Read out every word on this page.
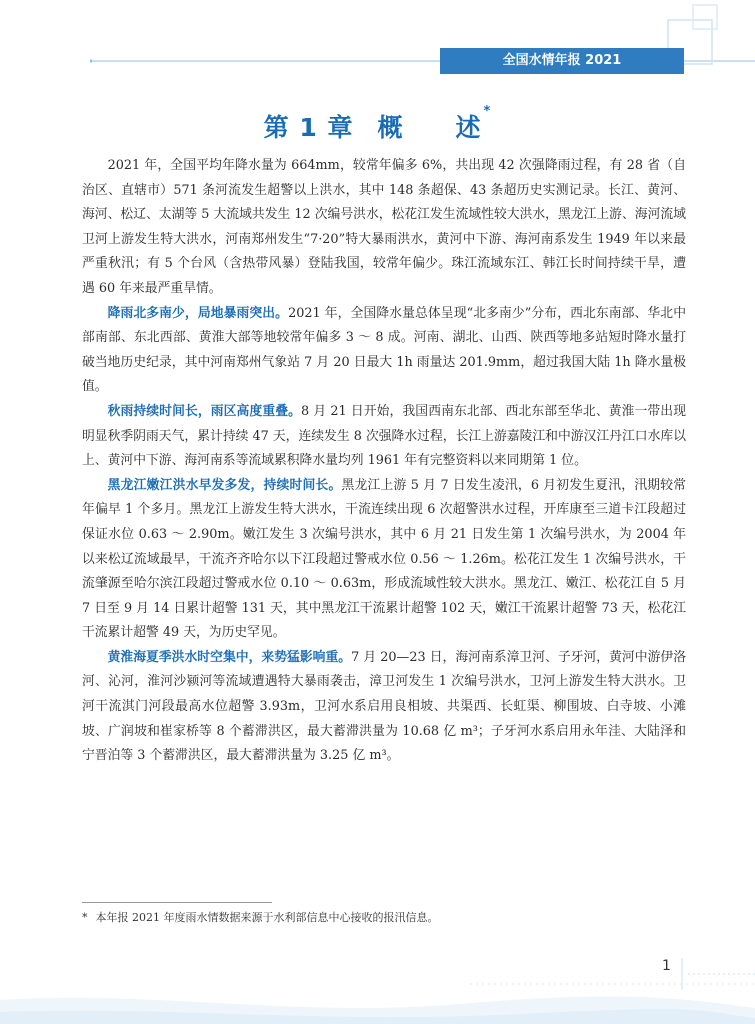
全国水情年报 2021
第 1 章 概　　述*

2021 年，全国平均年降水量为 664mm，较常年偏多 6%，共出现 42 次强降雨过程，有 28 省（自治区、直辖市）571 条河流发生超警以上洪水，其中 148 条超保、43 条超历史实测记录。长江、黄河、海河、松辽、太湖等 5 大流域共发生 12 次编号洪水，松花江发生流域性较大洪水，黑龙江上游、海河流域卫河上游发生特大洪水，河南郑州发生“7·20”特大暴雨洪水，黄河中下游、海河南系发生 1949 年以来最严重秋汛；有 5 个台风（含热带风暴）登陆我国，较常年偏少。珠江流域东江、韩江长时间持续干旱，遭遇 60 年来最严重旱情。

降雨北多南少，局地暴雨突出。2021 年，全国降水量总体呈现“北多南少”分布，西北东南部、华北中部南部、东北西部、黄淮大部等地较常年偏多 3 ～ 8 成。河南、湖北、山西、陕西等地多站短时降水量打破当地历史纪录，其中河南郑州气象站 7 月 20 日最大 1h 雨量达 201.9mm，超过我国大陆 1h 降水量极值。

秋雨持续时间长，雨区高度重叠。8 月 21 日开始，我国西南东北部、西北东部至华北、黄淮一带出现明显秋季阴雨天气，累计持续 47 天，连续发生 8 次强降水过程，长江上游嘉陵江和中游汉江丹江口水库以上、黄河中下游、海河南系等流域累积降水量均列 1961 年有完整资料以来同期第 1 位。

黑龙江嫩江洪水早发多发，持续时间长。黑龙江上游 5 月 7 日发生凌汛，6 月初发生夏汛，汛期较常年偏早 1 个多月。黑龙江上游发生特大洪水，干流连续出现 6 次超警洪水过程，开库康至三道卡江段超过保证水位 0.63 ～ 2.90m。嫩江发生 3 次编号洪水，其中 6 月 21 日发生第 1 次编号洪水，为 2004 年以来松辽流域最早，干流齐齐哈尔以下江段超过警戒水位 0.56 ～ 1.26m。松花江发生 1 次编号洪水，干流肇源至哈尔滨江段超过警戒水位 0.10 ～ 0.63m，形成流域性较大洪水。黑龙江、嫩江、松花江自 5 月 7 日至 9 月 14 日累计超警 131 天，其中黑龙江干流累计超警 102 天，嫩江干流累计超警 73 天，松花江干流累计超警 49 天，为历史罕见。

黄淮海夏季洪水时空集中，来势猛影响重。7 月 20—23 日，海河南系漳卫河、子牙河，黄河中游伊洛河、沁河，淮河沙颍河等流域遭遇特大暴雨袭击，漳卫河发生 1 次编号洪水，卫河上游发生特大洪水。卫河干流淇门河段最高水位超警 3.93m，卫河水系启用良相坡、共渠西、长虹渠、柳围坡、白寺坡、小滩坡、广润坡和崔家桥等 8 个蓄滞洪区，最大蓄滞洪量为 10.68 亿 m³；子牙河水系启用永年洼、大陆泽和宁晋泊等 3 个蓄滞洪区，最大蓄滞洪量为 3.25 亿 m³。

* 本年报 2021 年度雨水情数据来源于水利部信息中心接收的报汛信息。
1
